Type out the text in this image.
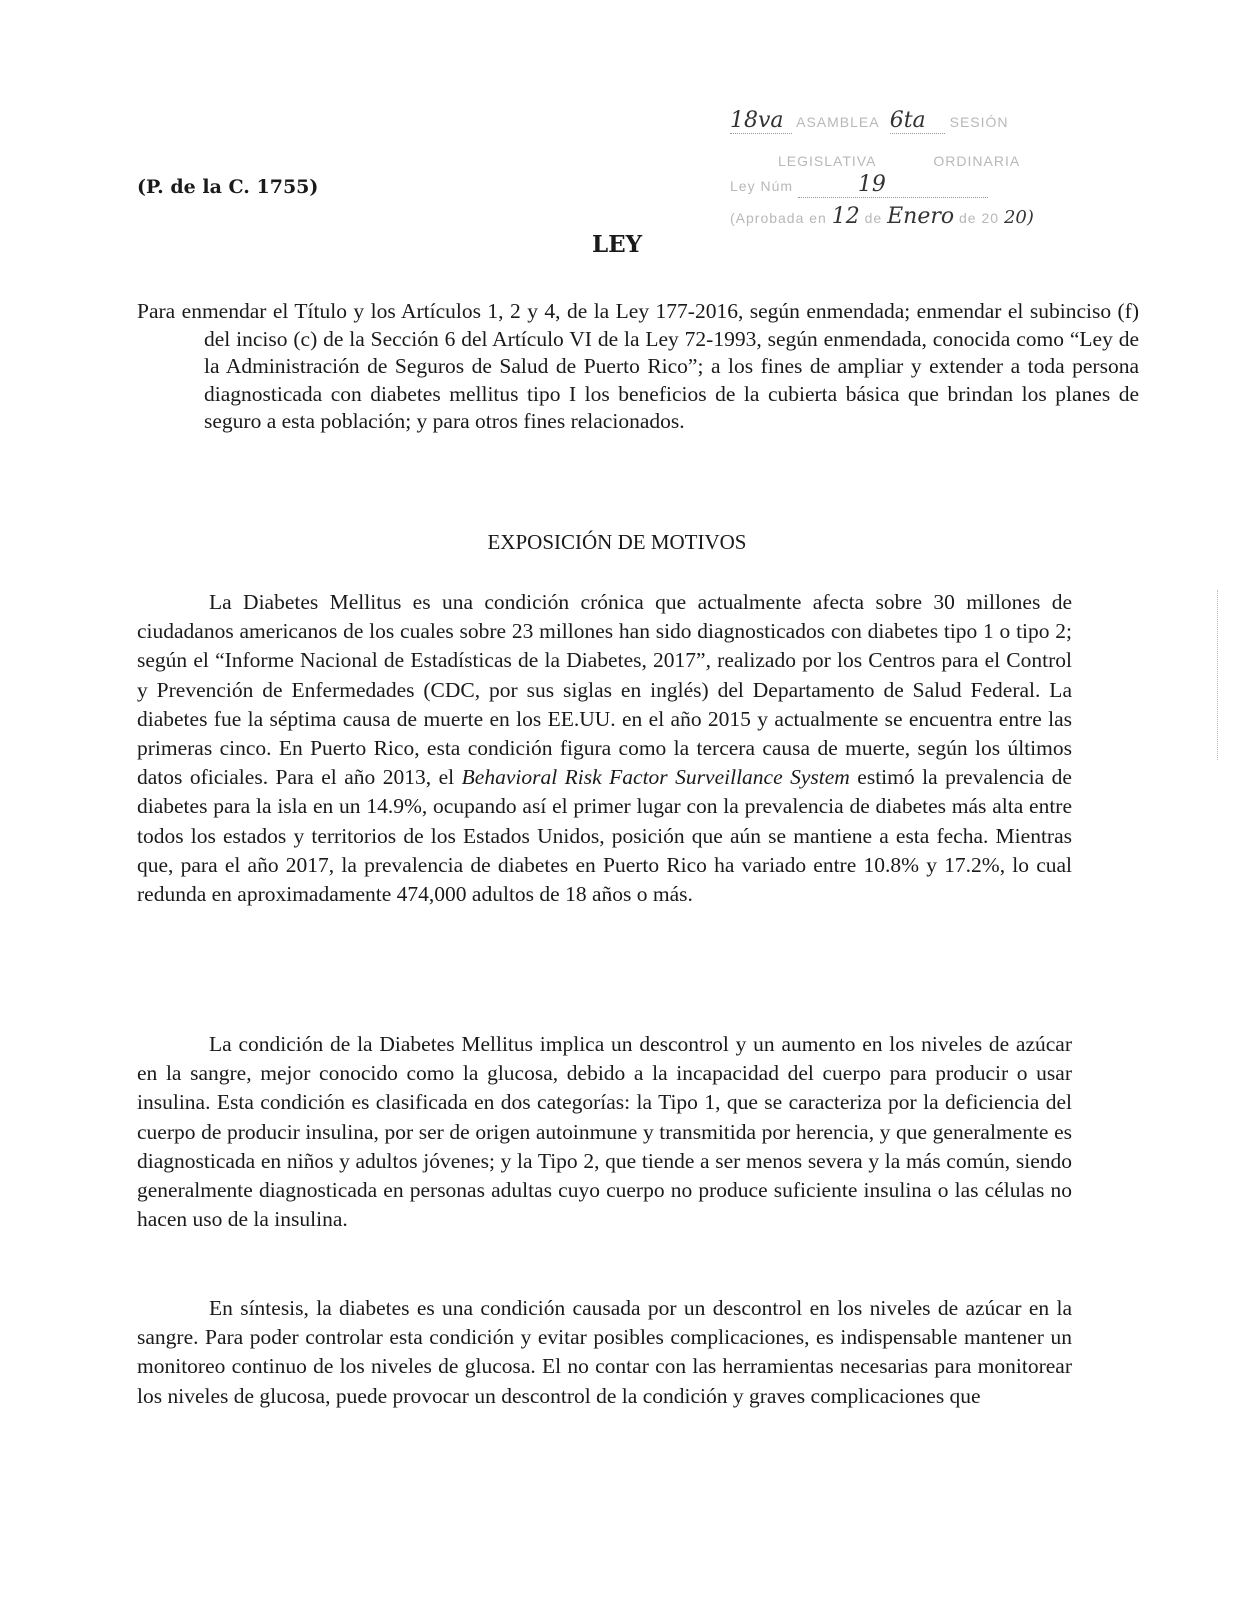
18va ASAMBLEA 6ta SESIÓN
LEGISLATIVA	ORDINARIA
Ley Núm	19
(Aprobada en 12 de Enero de 20 20)
(P. de la C. 1755)
LEY
Para enmendar el Título y los Artículos 1, 2 y 4, de la Ley 177-2016, según enmendada; enmendar el subinciso (f) del inciso (c) de la Sección 6 del Artículo VI de la Ley 72-1993, según enmendada, conocida como “Ley de la Administración de Seguros de Salud de Puerto Rico”; a los fines de ampliar y extender a toda persona diagnosticada con diabetes mellitus tipo I los beneficios de la cubierta básica que brindan los planes de seguro a esta población; y para otros fines relacionados.
EXPOSICIÓN DE MOTIVOS

La Diabetes Mellitus es una condición crónica que actualmente afecta sobre 30 millones de ciudadanos americanos de los cuales sobre 23 millones han sido diagnosticados con diabetes tipo 1 o tipo 2; según el “Informe Nacional de Estadísticas de la Diabetes, 2017”, realizado por los Centros para el Control y Prevención de Enfermedades (CDC, por sus siglas en inglés) del Departamento de Salud Federal. La diabetes fue la séptima causa de muerte en los EE.UU. en el año 2015 y actualmente se encuentra entre las primeras cinco. En Puerto Rico, esta condición figura como la tercera causa de muerte, según los últimos datos oficiales. Para el año 2013, el Behavioral Risk Factor Surveillance System estimó la prevalencia de diabetes para la isla en un 14.9%, ocupando así el primer lugar con la prevalencia de diabetes más alta entre todos los estados y territorios de los Estados Unidos, posición que aún se mantiene a esta fecha. Mientras que, para el año 2017, la prevalencia de diabetes en Puerto Rico ha variado entre 10.8% y 17.2%, lo cual redunda en aproximadamente 474,000 adultos de 18 años o más.

La condición de la Diabetes Mellitus implica un descontrol y un aumento en los niveles de azúcar en la sangre, mejor conocido como la glucosa, debido a la incapacidad del cuerpo para producir o usar insulina. Esta condición es clasificada en dos categorías: la Tipo 1, que se caracteriza por la deficiencia del cuerpo de producir insulina, por ser de origen autoinmune y transmitida por herencia, y que generalmente es diagnosticada en niños y adultos jóvenes; y la Tipo 2, que tiende a ser menos severa y la más común, siendo generalmente diagnosticada en personas adultas cuyo cuerpo no produce suficiente insulina o las células no hacen uso de la insulina.

En síntesis, la diabetes es una condición causada por un descontrol en los niveles de azúcar en la sangre. Para poder controlar esta condición y evitar posibles complicaciones, es indispensable mantener un monitoreo continuo de los niveles de glucosa. El no contar con las herramientas necesarias para monitorear los niveles de glucosa, puede provocar un descontrol de la condición y graves complicaciones que
